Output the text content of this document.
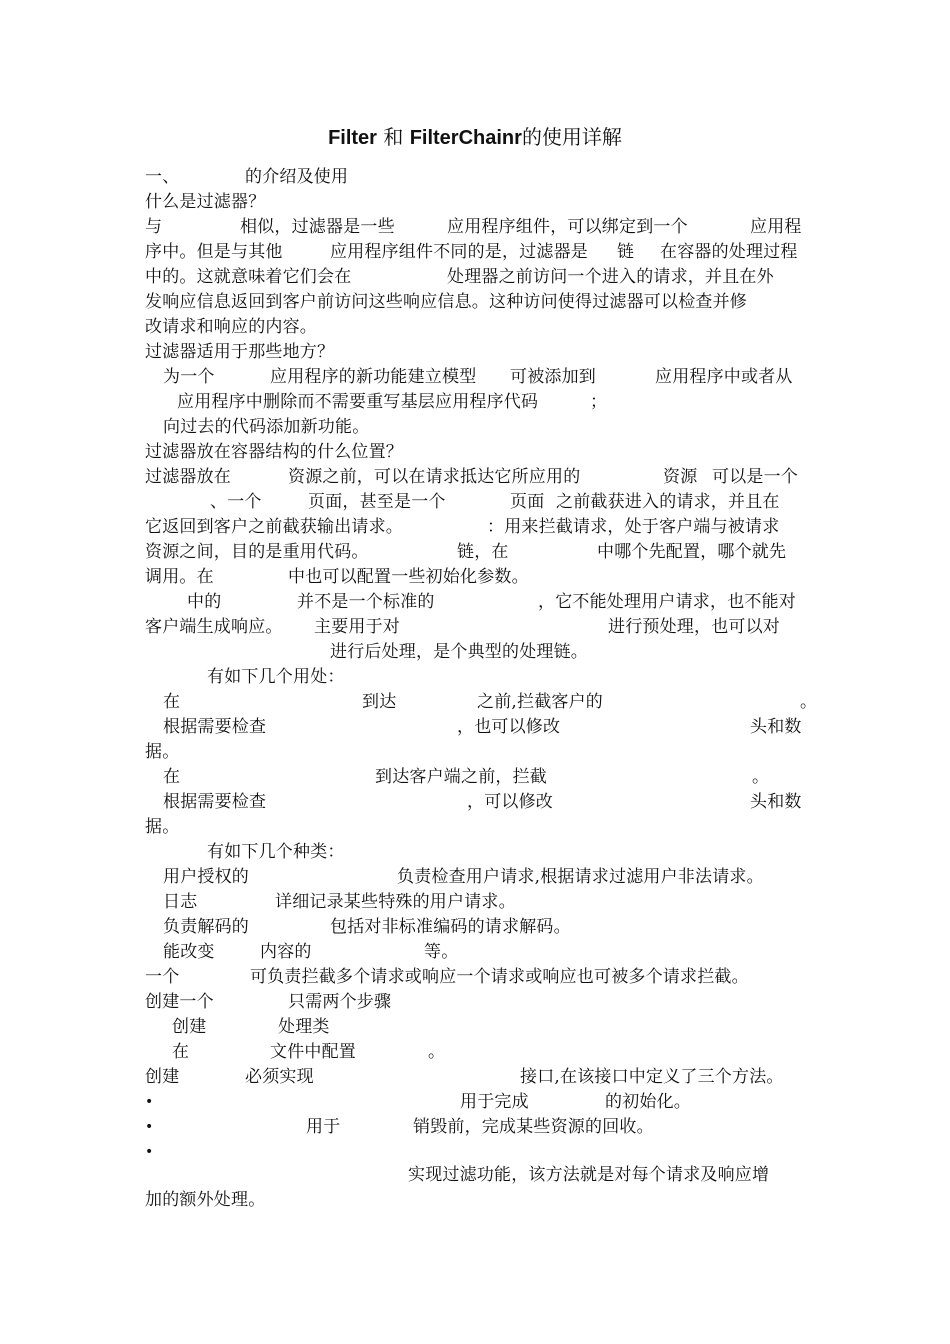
Filter 和 FilterChainr的使用详解
一、	的介绍及使用
什么是过滤器？
与	相似，过滤器是一些	应用程序组件，可以绑定到一个	应用程
序中。但是与其他	应用程序组件不同的是，过滤器是 链 在容器的处理过程
中的。这就意味着它们会在	处理器之前访问一个进入的请求，并且在外
发响应信息返回到客户前访问这些响应信息。这种访问使得过滤器可以检查并修
改请求和响应的内容。
过滤器适用于那些地方？
为一个	应用程序的新功能建立模型 可被添加到	应用程序中或者从
应用程序中删除而不需要重写基层应用程序代码	；
向过去的代码添加新功能。
过滤器放在容器结构的什么位置？
过滤器放在	资源之前，可以在请求抵达它所应用的	资源 可以是一个
、一个	页面，甚至是一个	页面 之前截获进入的请求，并且在
它返回到客户之前截获输出请求。	：用来拦截请求，处于客户端与被请求
资源之间，目的是重用代码。	链，在	中哪个先配置，哪个就先
调用。在	中也可以配置一些初始化参数。
中的	并不是一个标准的	，它不能处理用户请求，也不能对
客户端生成响应。 主要用于对	进行预处理，也可以对
进行后处理，是个典型的处理链。
有如下几个用处：
在	到达	之前,拦截客户的	。
根据需要检查	，也可以修改	头和数
据。
在	到达客户端之前，拦截	。
根据需要检查	，可以修改	头和数
据。
有如下几个种类：
用户授权的	负责检查用户请求,根据请求过滤用户非法请求。
日志	详细记录某些特殊的用户请求。
负责解码的	包括对非标准编码的请求解码。
能改变	内容的	等。
一个	可负责拦截多个请求或响应一个请求或响应也可被多个请求拦截。
创建一个	只需两个步骤
创建	处理类
在	文件中配置	。
创建	必须实现	接口,在该接口中定义了三个方法。
•	用于完成	的初始化。
•	用于	销毁前，完成某些资源的回收。
•
实现过滤功能，该方法就是对每个请求及响应增
加的额外处理。
